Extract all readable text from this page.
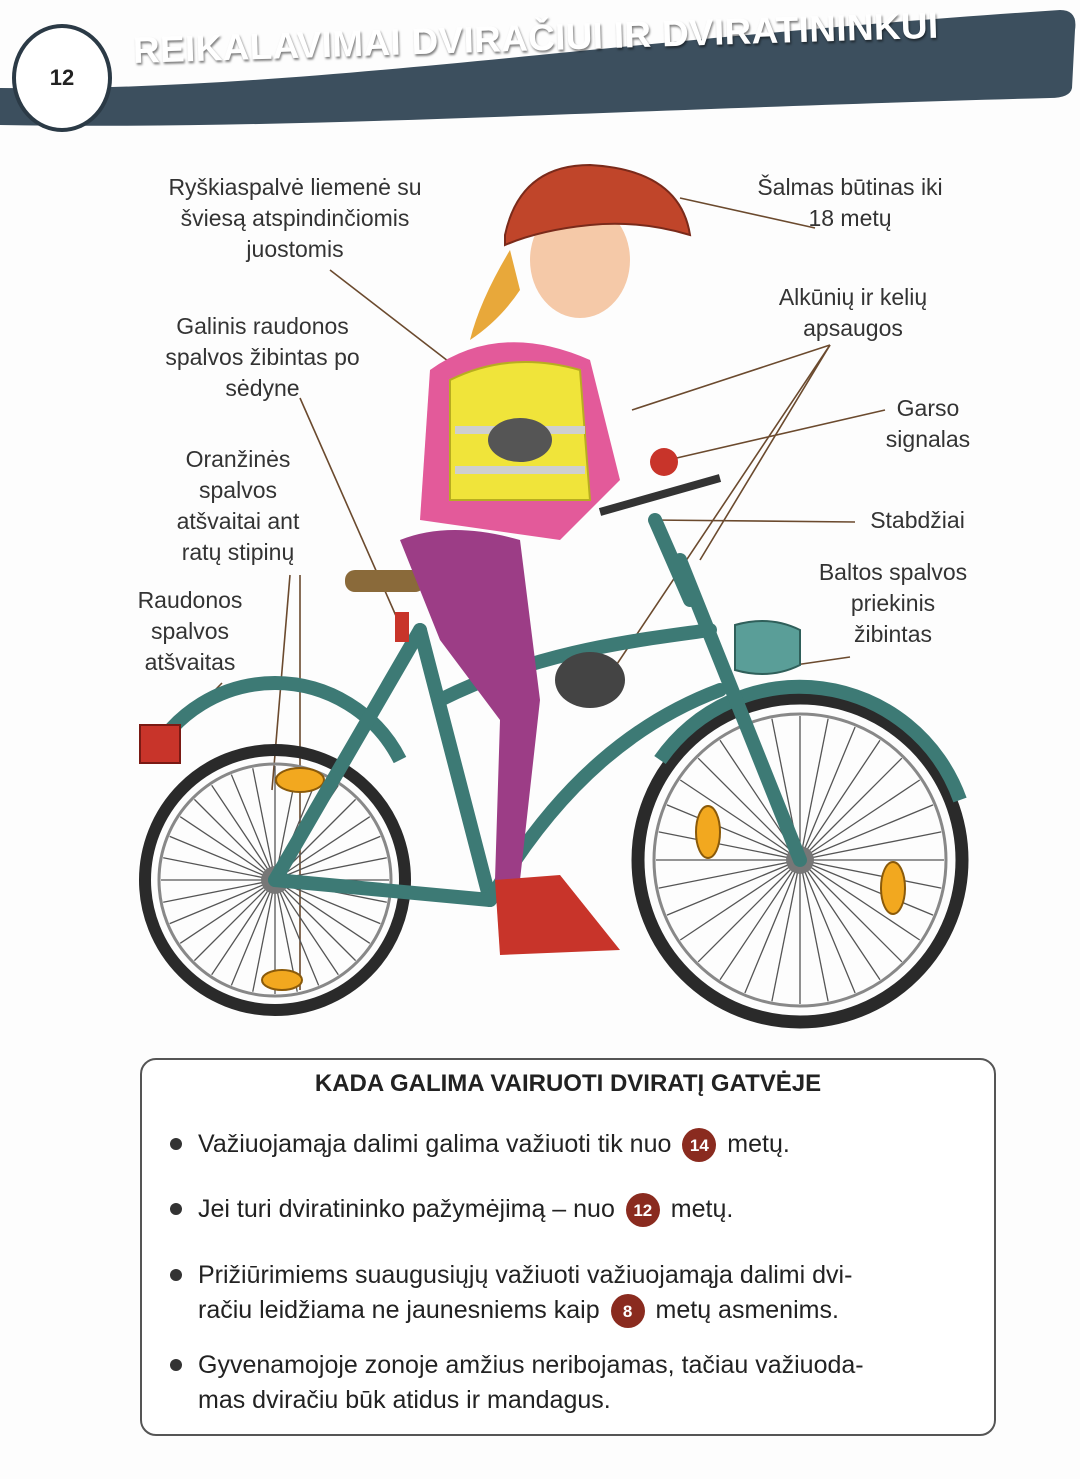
12
REIKALAVIMAI DVIRAČIUI IR DVIRATININKUI
Ryškiaspalvė liemenė su
šviesą atspindinčiomis
juostomis
Šalmas būtinas iki
18 metų
Alkūnių ir kelių
apsaugos
Galinis raudonos
spalvos žibintas po
sėdyne
Garso
signalas
Oranžinės
spalvos
atšvaitai ant
ratų stipinų
Stabdžiai
Raudonos
spalvos
atšvaitas
Baltos spalvos
priekinis
žibintas
KADA GALIMA VAIRUOTI DVIRATĮ GATVĖJE
Važiuojamąja dalimi galima važiuoti tik nuo 14 metų.
Jei turi dviratininko pažymėjimą – nuo 12 metų.
Prižiūrimiems suaugusiųjų važiuoti važiuojamąja dalimi dvi-
račiu leidžiama ne jaunesniems kaip 8 metų asmenims.
Gyvenamojoje zonoje amžius neribojamas, tačiau važiuoda-
mas dviračiu būk atidus ir mandagus.
